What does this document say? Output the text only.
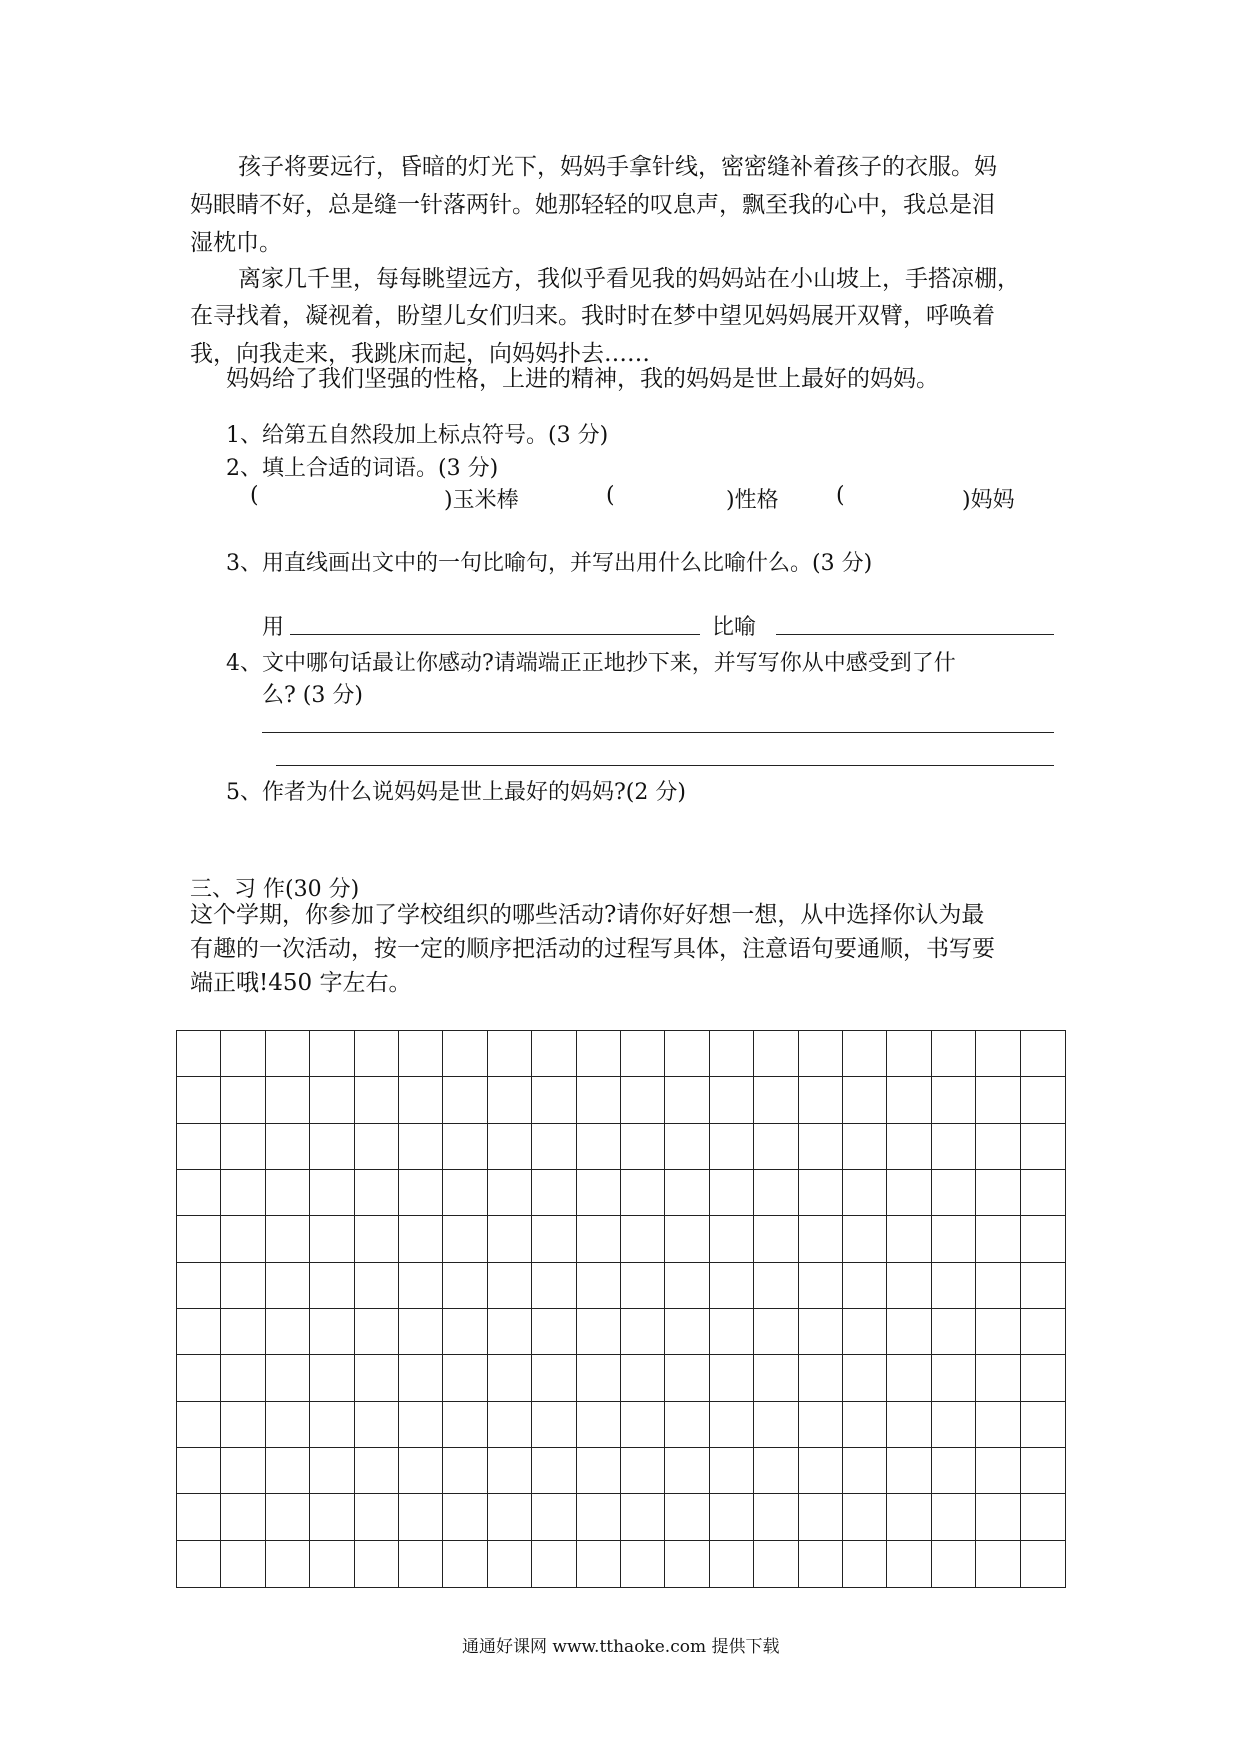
孩子将要远行，昏暗的灯光下，妈妈手拿针线，密密缝补着孩子的衣服。妈
妈眼睛不好，总是缝一针落两针。她那轻轻的叹息声，飘至我的心中，我总是泪
湿枕巾。
离家几千里，每每眺望远方，我似乎看见我的妈妈站在小山坡上，手搭凉棚，
在寻找着，凝视着，盼望儿女们归来。我时时在梦中望见妈妈展开双臂，呼唤着
我，向我走来，我跳床而起，向妈妈扑去……
妈妈给了我们坚强的性格，上进的精神，我的妈妈是世上最好的妈妈。
1、给第五自然段加上标点符号。(3 分)
2、填上合适的词语。(3 分)
(	)玉米棒	(	)性格	(	)妈妈
3、用直线画出文中的一句比喻句，并写出用什么比喻什么。(3 分)
用	比喻
4、文中哪句话最让你感动?请端端正正地抄下来，并写写你从中感受到了什
么? (3 分)
5、作者为什么说妈妈是世上最好的妈妈?(2 分)
三、习 作(30 分)
这个学期，你参加了学校组织的哪些活动?请你好好想一想，从中选择你认为最
有趣的一次活动，按一定的顺序把活动的过程写具体，注意语句要通顺，书写要
端正哦!450 字左右。
通通好课网 www.tthaoke.com 提供下载
